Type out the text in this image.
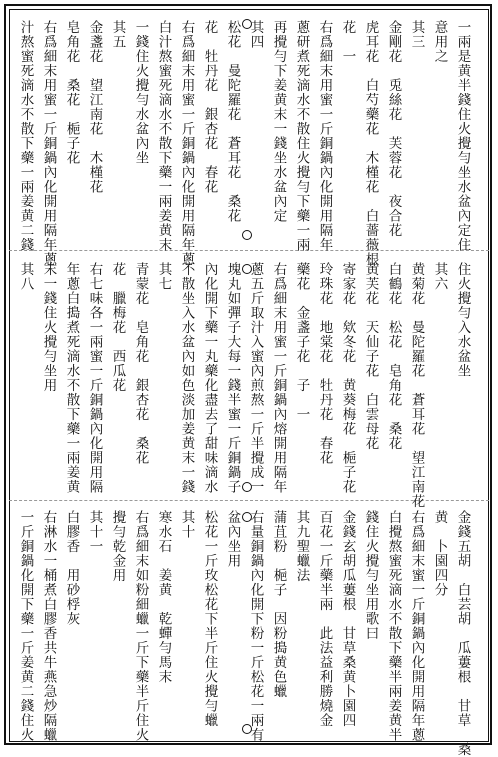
一兩是黄半錢住火攪勻坐水盆內定住
意用之
其三
金剛花　兎絲花　芙蓉花　夜合花
虎耳花　白芍藥花　木槿花　白薔薇根
花　一
右爲細末用蜜一斤銅鍋內化開用隔年
蔥研煮死滴水不散住火攪勻下藥一兩
再攪勻下姜黄末一錢坐水盆內定
其四
松花　曼陀羅花　蒼耳花　桑花
花　牡丹花　銀杏花　春花
右爲細末用蜜一斤銅鍋內化開用隔年蔥
白汁熬蜜死滴水不散下藥一兩姜黄末
一錢住火攪勻水盆內坐
其五
金盞花　望江南花　木槿花
皂角花　桑花　梔子花
右爲細末用蜜一斤銅鍋內化開用隔年蔥
汁熬蜜死滴水不散下藥一兩姜黄二錢
住火攪勻入水盆坐
其六
黄菊花　曼陀羅花　蒼耳花　望江南花
白鶴花　松花　皂角花　桑花
黄芙花　天仙子花　白雲母花
寄家花　欸冬花　黄葵梅花　梔子花
玲珠花　地棠花　牡丹花　春花
藥花　金盞子花　子　一
右爲細末用蜜一斤銅鍋內熔開用隔年
蔥五斤取汁入蜜內煎熬一斤半攪成一
塊丸如彈子大每一錢半蜜一斤銅鍋子
內化開下藥一丸藥化盡去了甜味滴水
不散坐入水盆內如色淡加姜黄末一錢
其七
青蒙花　皂角花　銀杏花　桑花
花　臘梅花　西瓜花
右七味各一兩蜜一斤銅鍋內化開用隔
年蔥白搗煮死滴水不散下藥一兩姜黄
末一錢住火攪勻坐用
其八
金錢五胡　白芸胡　瓜蔞根　甘草　桑
黄　卜園四分
右爲細末蜜一斤銅鍋內化開用隔年蔥
白攪熬蜜死滴水不散下藥半兩姜黄半
錢住火攪勻坐用歌曰
金錢玄胡瓜蔞根　甘草桑黄卜園四
百花一斤藥半兩　此法益利勝燒金
其九聖蠟法
蒲苴粉　梔子　因粉搗黄色蠟
右量銅鍋內化開下粉一斤松花一兩有
盆內坐用
松花一斤玫松花下半斤住火攪勻蠟
其十
寒水石　姜黄　乾蟬勻馬末
右爲細末如粉細蠟一斤下藥半斤住火
攪勻乾金用
其十一
白膠香　用砂桴灰
右淋水一桶煮白膠香共牛燕急炒隔蠟
一斤銅鍋化開下藥一斤姜黄二錢住火
